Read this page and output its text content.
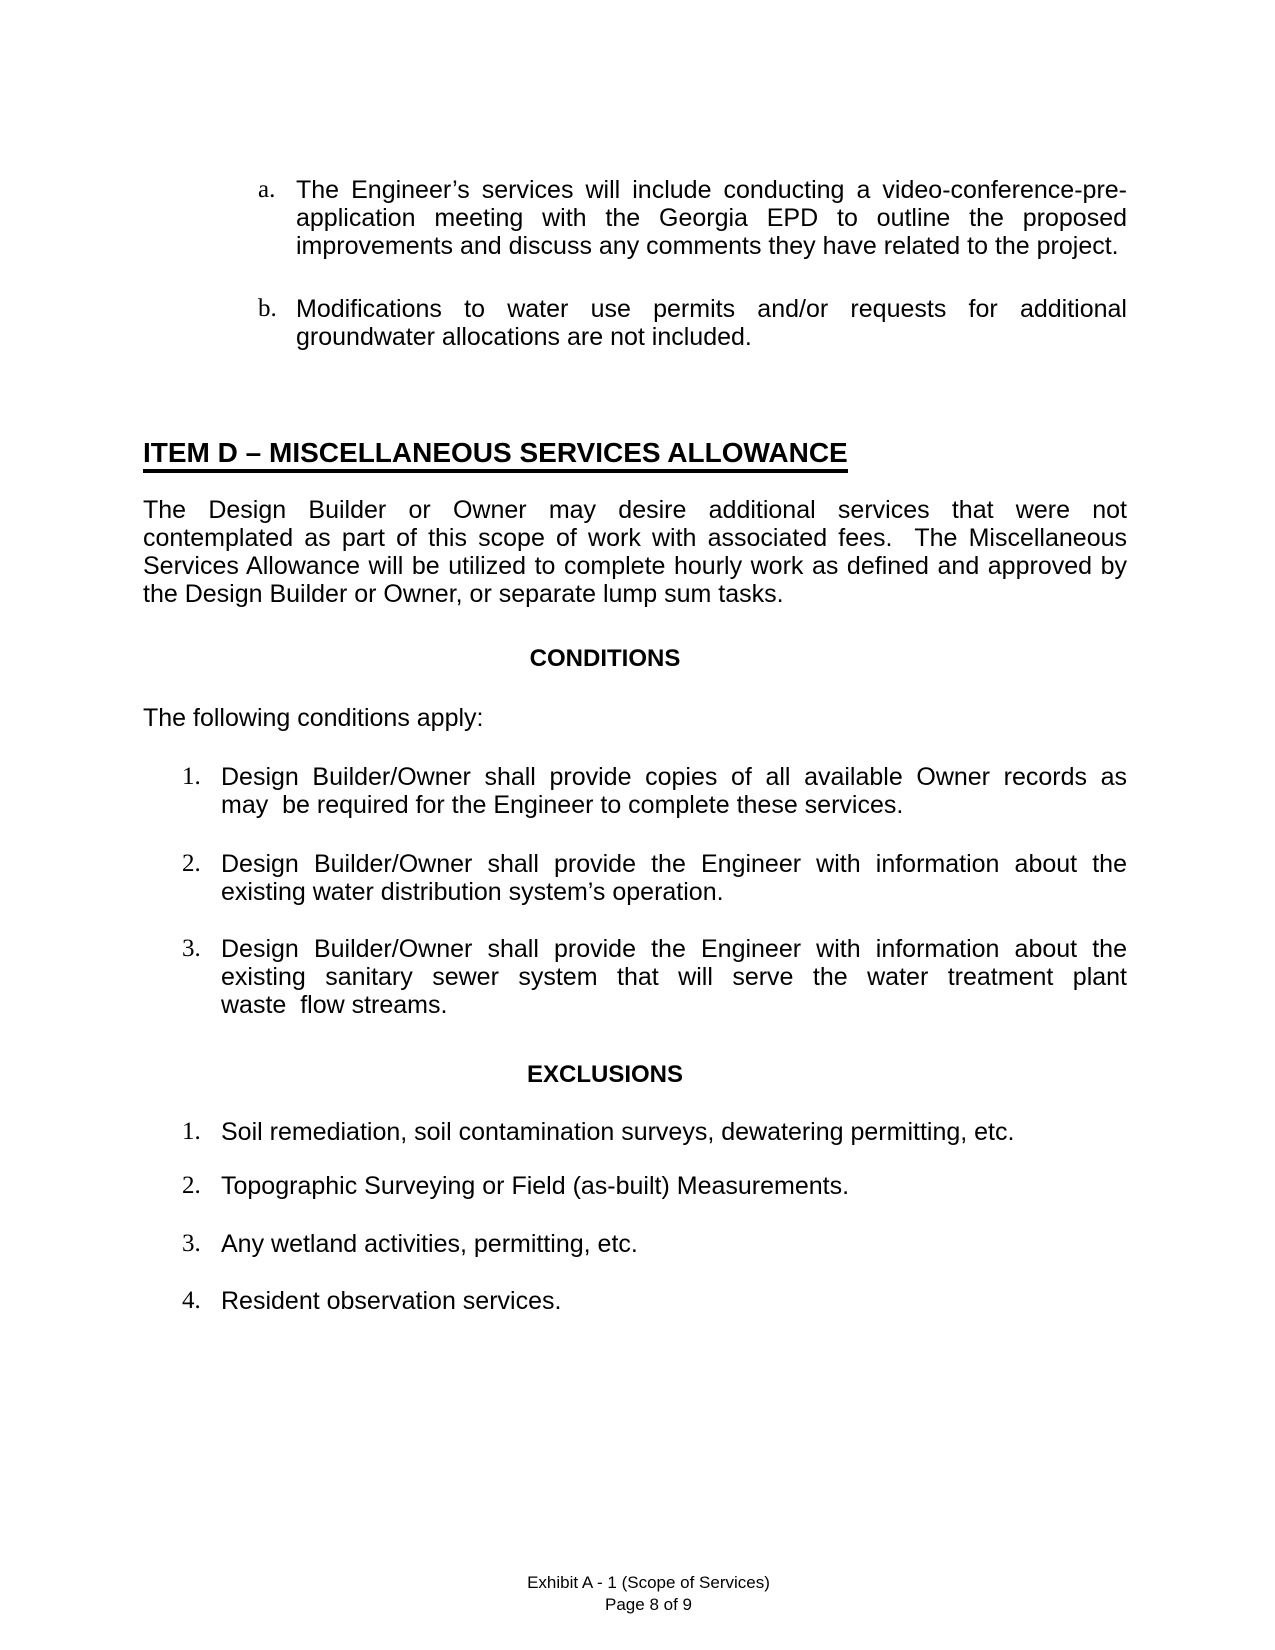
a. The Engineer’s services will include conducting a video-conference-pre-
application meeting with the Georgia EPD to outline the proposed
improvements and discuss any comments they have related to the project.
b. Modifications to water use permits and/or requests for additional
groundwater allocations are not included.
ITEM D – MISCELLANEOUS SERVICES ALLOWANCE
The Design Builder or Owner may desire additional services that were not
contemplated as part of this scope of work with associated fees.  The Miscellaneous
Services Allowance will be utilized to complete hourly work as defined and approved by
the Design Builder or Owner, or separate lump sum tasks.
CONDITIONS
The following conditions apply:
1. Design Builder/Owner shall provide copies of all available Owner records as
may  be required for the Engineer to complete these services.
2. Design Builder/Owner shall provide the Engineer with information about the
existing water distribution system’s operation.
3. Design Builder/Owner shall provide the Engineer with information about the
existing sanitary sewer system that will serve the water treatment plant
waste  flow streams.
EXCLUSIONS
1. Soil remediation, soil contamination surveys, dewatering permitting, etc.
2. Topographic Surveying or Field (as-built) Measurements.
3. Any wetland activities, permitting, etc.
4. Resident observation services.
Exhibit A - 1 (Scope of Services)
Page 8 of 9
